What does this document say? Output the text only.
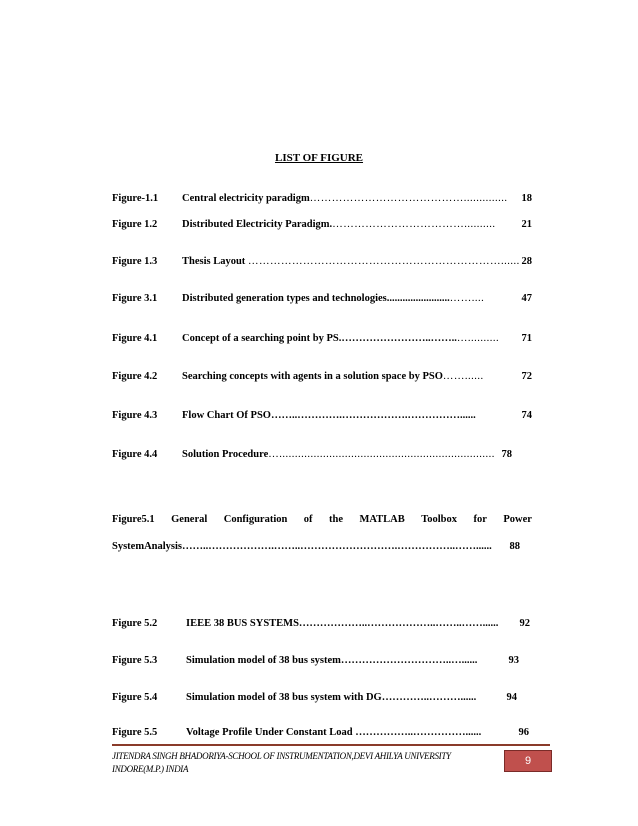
LIST OF FIGURE
Figure-1.1 Central electricity paradigm…………………………………….............. 18
Figure 1.2 Distributed Electricity Paradigm.……………………………….......... 21
Figure 1.3 Thesis Layout ……………………………………………………………...... 28
Figure 3.1 Distributed generation types and technologies........................……....	47
Figure 4.1 Concept of a searching point by PS.……………………..……..….......... 71
Figure 4.2 Searching concepts with agents in a solution space by PSO……......	72
Figure 4.3 Flow Chart Of PSO……..………….……………….……………......	74
Figure 4.4 Solution Procedure…..................................................................... 78
Figure5.1 General Configuration of the MATLAB Toolbox for Power
SystemAnalysis……..……………….……..……………………….……………..……...... 88
Figure 5.2	IEEE 38 BUS SYSTEMS………………..………………..……..……...... 92
Figure 5.3	Simulation model of 38 bus system…………………………..…......	93
Figure 5.4	Simulation model of 38 bus system with DG…………..………......	94
Figure 5.5	Voltage Profile Under Constant Load ……………..……………......	96
JITENDRA SINGH BHADORIYA-SCHOOL OF INSTRUMENTATION,DEVI AHILYA UNIVERSITY
INDORE(M.P.) INDIA
9
